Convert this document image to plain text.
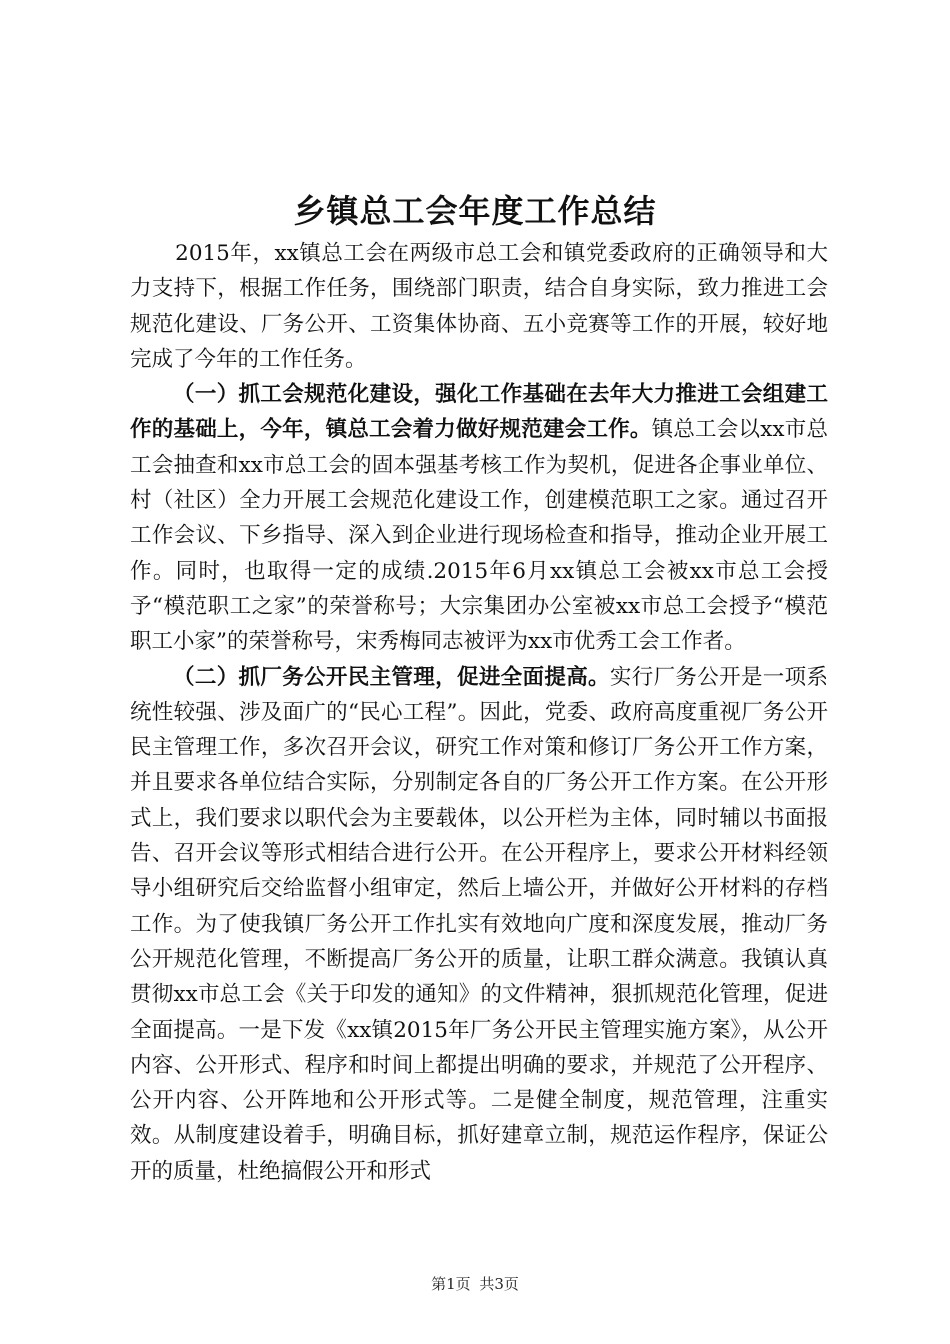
乡镇总工会年度工作总结

2015年，xx镇总工会在两级市总工会和镇党委政府的正确领导和大力支持下，根据工作任务，围绕部门职责，结合自身实际，致力推进工会规范化建设、厂务公开、工资集体协商、五小竞赛等工作的开展，较好地完成了今年的工作任务。

（一）抓工会规范化建设，强化工作基础在去年大力推进工会组建工作的基础上，今年，镇总工会着力做好规范建会工作。镇总工会以xx市总工会抽查和xx市总工会的固本强基考核工作为契机，促进各企事业单位、村（社区）全力开展工会规范化建设工作，创建模范职工之家。通过召开工作会议、下乡指导、深入到企业进行现场检查和指导，推动企业开展工作。同时，也取得一定的成绩.2015年6月xx镇总工会被xx市总工会授予“模范职工之家”的荣誉称号；大宗集团办公室被xx市总工会授予“模范职工小家”的荣誉称号，宋秀梅同志被评为xx市优秀工会工作者。

（二）抓厂务公开民主管理，促进全面提高。实行厂务公开是一项系统性较强、涉及面广的“民心工程”。因此，党委、政府高度重视厂务公开民主管理工作，多次召开会议，研究工作对策和修订厂务公开工作方案，并且要求各单位结合实际，分别制定各自的厂务公开工作方案。在公开形式上，我们要求以职代会为主要载体，以公开栏为主体，同时辅以书面报告、召开会议等形式相结合进行公开。在公开程序上，要求公开材料经领导小组研究后交给监督小组审定，然后上墙公开，并做好公开材料的存档工作。为了使我镇厂务公开工作扎实有效地向广度和深度发展，推动厂务公开规范化管理，不断提高厂务公开的质量，让职工群众满意。我镇认真贯彻xx市总工会《关于印发的通知》的文件精神，狠抓规范化管理，促进全面提高。一是下发《xx镇2015年厂务公开民主管理实施方案》，从公开内容、公开形式、程序和时间上都提出明确的要求，并规范了公开程序、公开内容、公开阵地和公开形式等。二是健全制度，规范管理，注重实效。从制度建设着手，明确目标，抓好建章立制，规范运作程序，保证公开的质量，杜绝搞假公开和形式

第1页 共3页
